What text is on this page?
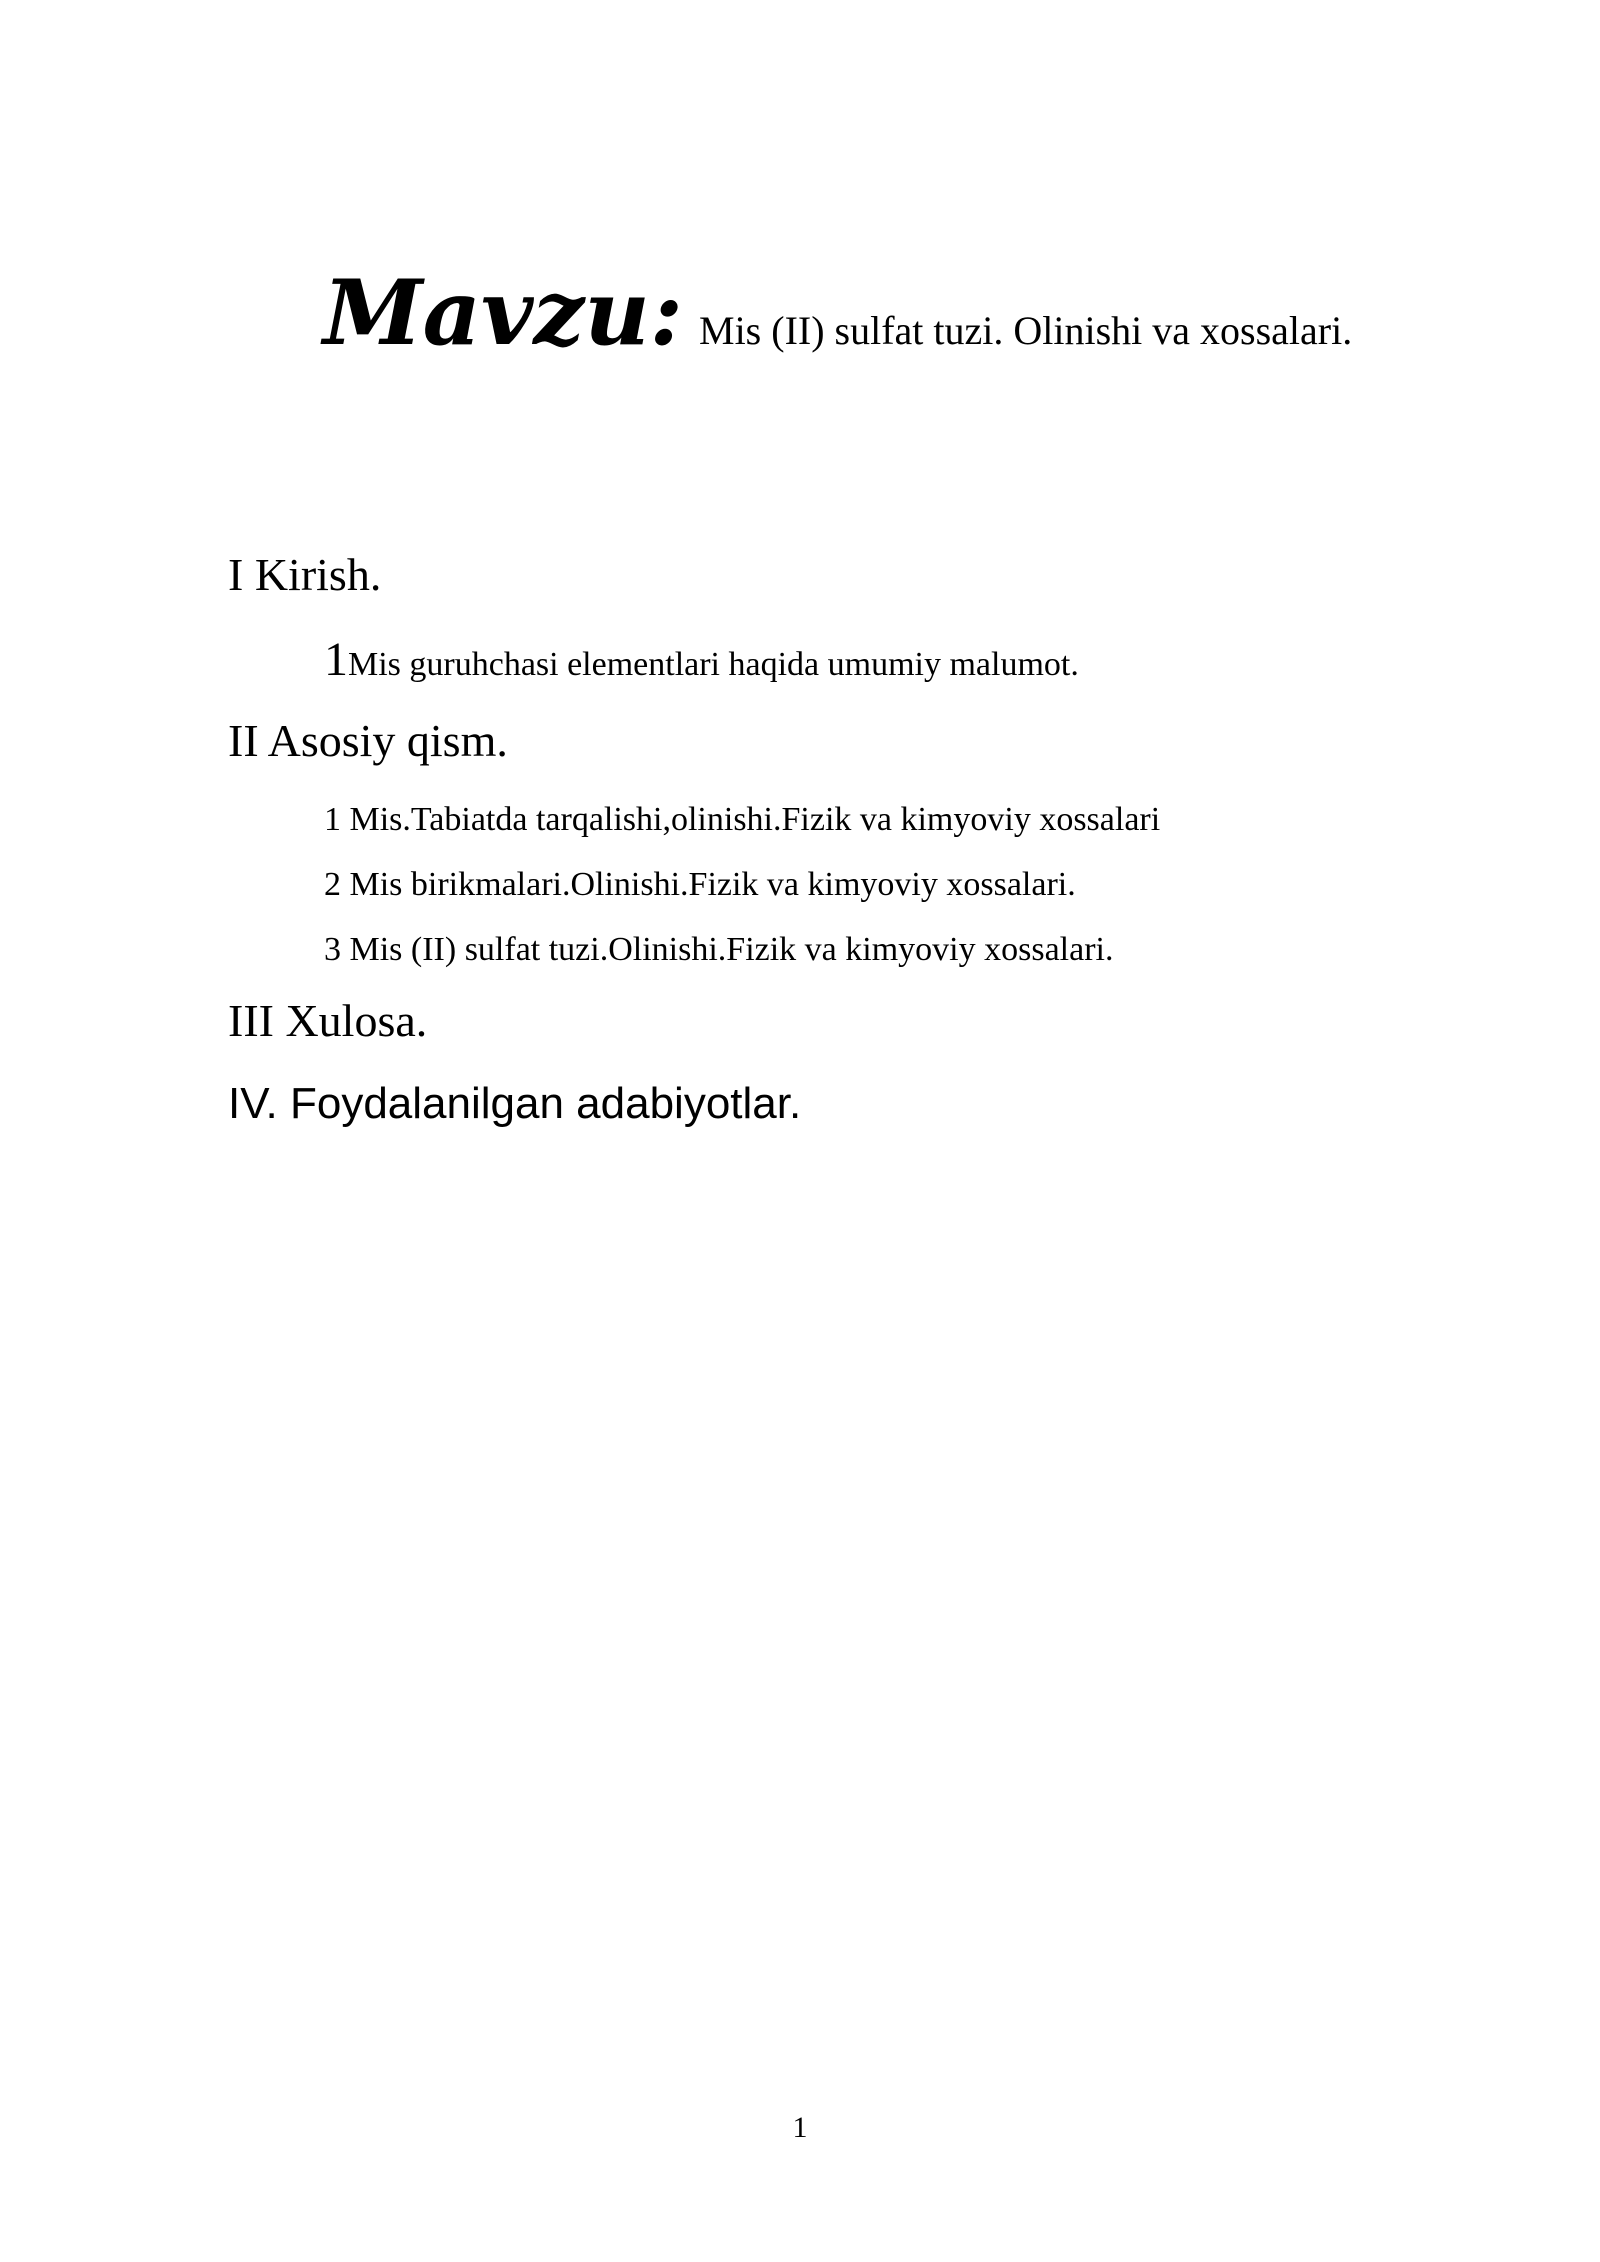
Mavzu: Mis (II) sulfat tuzi. Olinishi va xossalari.
I Kirish.
1Mis guruhchasi elementlari haqida umumiy malumot.
II Asosiy qism.
1 Mis.Tabiatda tarqalishi,olinishi.Fizik va kimyoviy xossalari
2 Mis birikmalari.Olinishi.Fizik va kimyoviy xossalari.
3 Mis (II) sulfat tuzi.Olinishi.Fizik va kimyoviy xossalari.
III Xulosa.
IV. Foydalanilgan adabiyotlar.
1
